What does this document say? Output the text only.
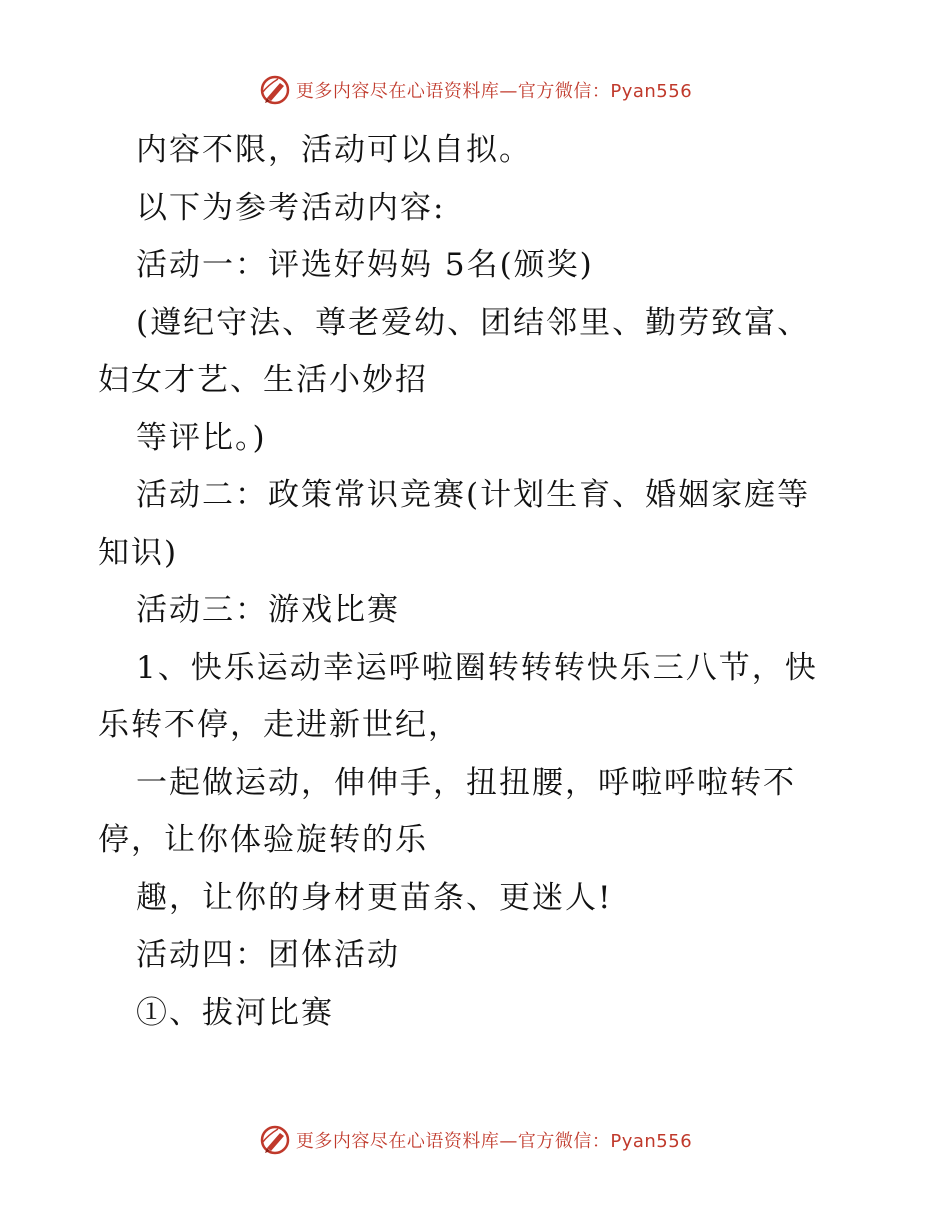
更多内容尽在心语资料库—官方微信：Pyan556
内容不限，活动可以自拟。
以下为参考活动内容:
活动一：评选好妈妈 5名(颁奖)
(遵纪守法、尊老爱幼、团结邻里、勤劳致富、
妇女才艺、生活小妙招
等评比。)
活动二：政策常识竞赛(计划生育、婚姻家庭等
知识)
活动三：游戏比赛
1、快乐运动幸运呼啦圈转转转快乐三八节，快
乐转不停，走进新世纪，
一起做运动，伸伸手，扭扭腰，呼啦呼啦转不
停，让你体验旋转的乐
趣，让你的身材更苗条、更迷人!
活动四：团体活动
①、拔河比赛
更多内容尽在心语资料库—官方微信：Pyan556
